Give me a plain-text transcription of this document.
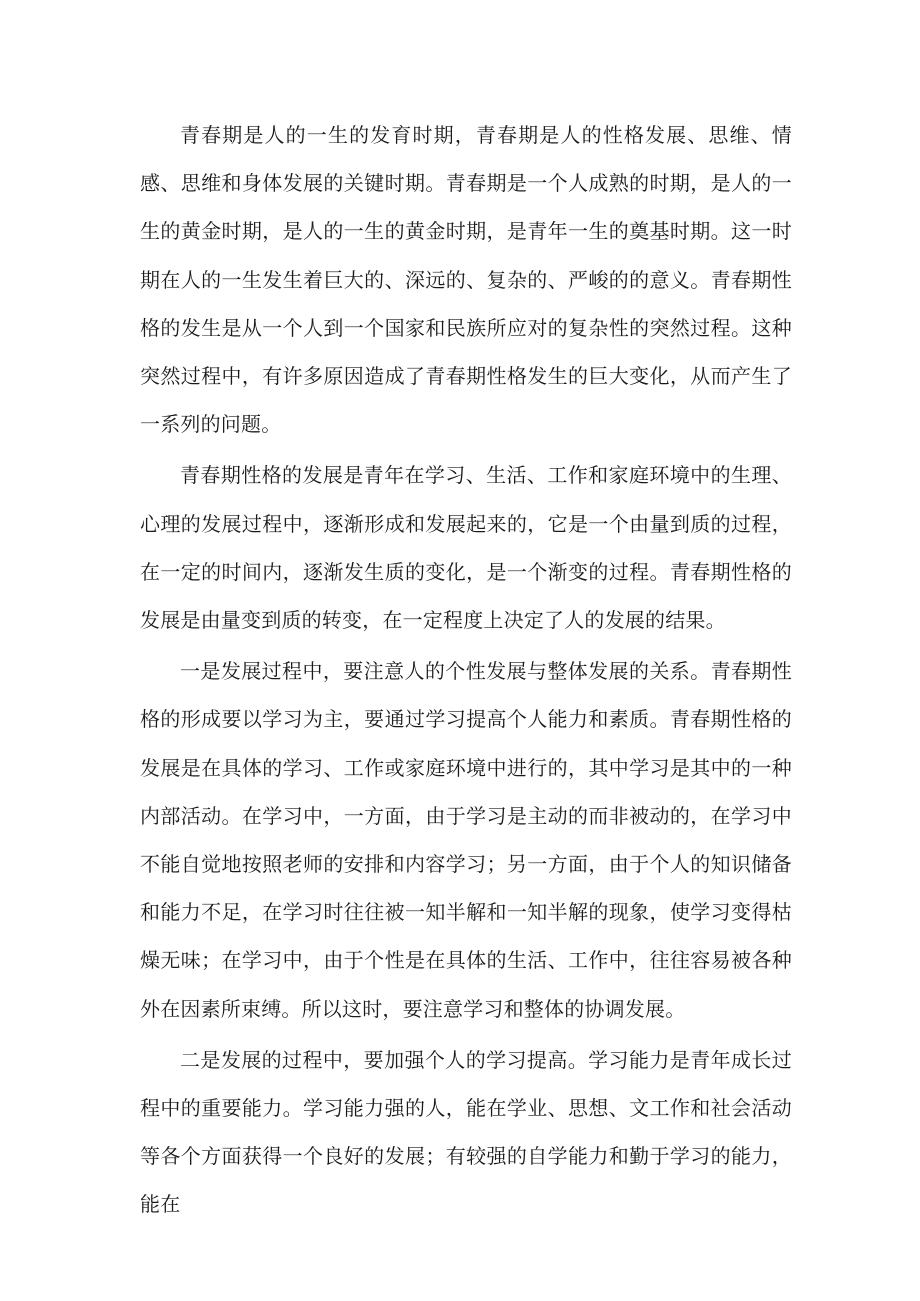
青春期是人的一生的发育时期，青春期是人的性格发展、思维、情感、思维和身体发展的关键时期。青春期是一个人成熟的时期，是人的一生的黄金时期，是人的一生的黄金时期，是青年一生的奠基时期。这一时期在人的一生发生着巨大的、深远的、复杂的、严峻的的意义。青春期性格的发生是从一个人到一个国家和民族所应对的复杂性的突然过程。这种突然过程中，有许多原因造成了青春期性格发生的巨大变化，从而产生了一系列的问题。

青春期性格的发展是青年在学习、生活、工作和家庭环境中的生理、心理的发展过程中，逐渐形成和发展起来的，它是一个由量到质的过程，在一定的时间内，逐渐发生质的变化，是一个渐变的过程。青春期性格的发展是由量变到质的转变，在一定程度上决定了人的发展的结果。

一是发展过程中，要注意人的个性发展与整体发展的关系。青春期性格的形成要以学习为主，要通过学习提高个人能力和素质。青春期性格的发展是在具体的学习、工作或家庭环境中进行的，其中学习是其中的一种内部活动。在学习中，一方面，由于学习是主动的而非被动的，在学习中不能自觉地按照老师的安排和内容学习；另一方面，由于个人的知识储备和能力不足，在学习时往往被一知半解和一知半解的现象，使学习变得枯燥无味；在学习中，由于个性是在具体的生活、工作中，往往容易被各种外在因素所束缚。所以这时，要注意学习和整体的协调发展。

二是发展的过程中，要加强个人的学习提高。学习能力是青年成长过程中的重要能力。学习能力强的人，能在学业、思想、文工作和社会活动等各个方面获得一个良好的发展；有较强的自学能力和勤于学习的能力，能在
